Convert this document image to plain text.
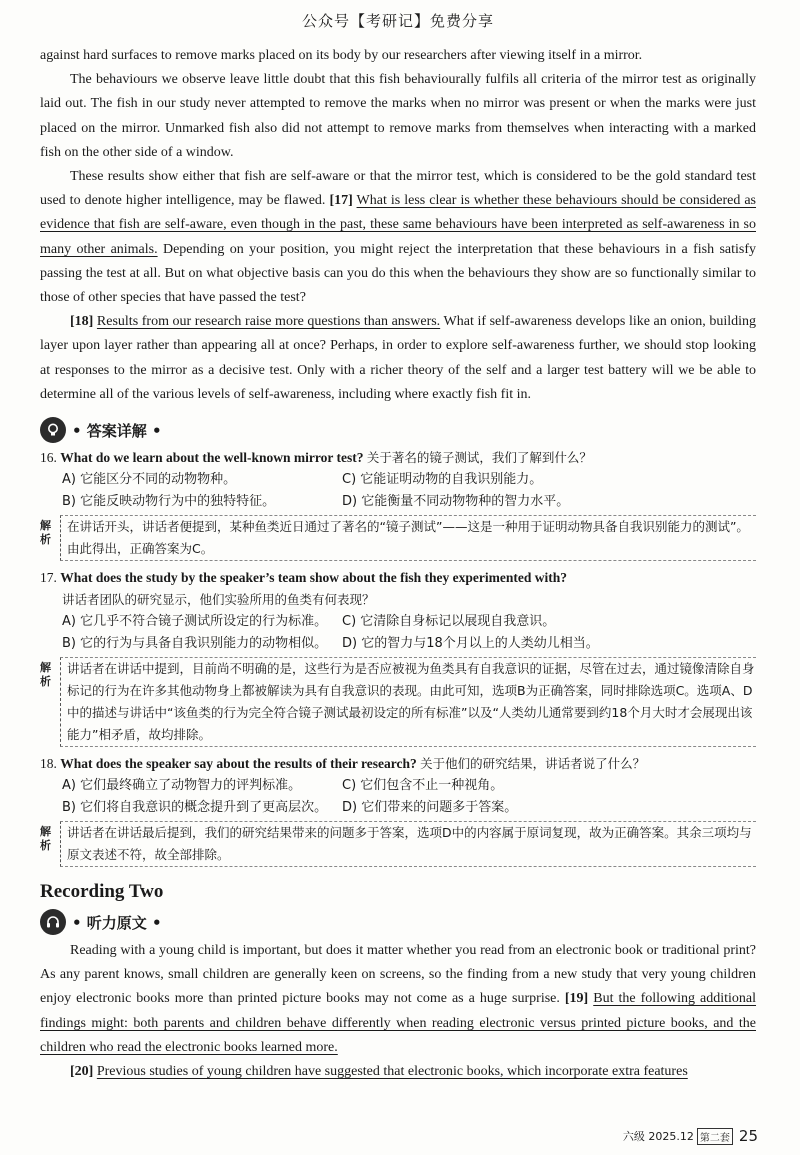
公众号【考研记】免费分享

against hard surfaces to remove marks placed on its body by our researchers after viewing itself in a mirror.

The behaviours we observe leave little doubt that this fish behaviourally fulfils all criteria of the mirror test as originally laid out. The fish in our study never attempted to remove the marks when no mirror was present or when the marks were just placed on the mirror. Unmarked fish also did not attempt to remove marks from themselves when interacting with a marked fish on the other side of a window.

These results show either that fish are self-aware or that the mirror test, which is considered to be the gold standard test used to denote higher intelligence, may be flawed. [17] What is less clear is whether these behaviours should be considered as evidence that fish are self-aware, even though in the past, these same behaviours have been interpreted as self-awareness in so many other animals. Depending on your position, you might reject the interpretation that these behaviours in a fish satisfy passing the test at all. But on what objective basis can you do this when the behaviours they show are so functionally similar to those of other species that have passed the test?

[18] Results from our research raise more questions than answers. What if self-awareness develops like an onion, building layer upon layer rather than appearing all at once? Perhaps, in order to explore self-awareness further, we should stop looking at responses to the mirror as a decisive test. Only with a richer theory of the self and a larger test battery will we be able to determine all of the various levels of self-awareness, including where exactly fish fit in.

• 答案详解 •
16. What do we learn about the well-known mirror test? 关于著名的镜子测试，我们了解到什么？
A) 它能区分不同的动物物种。	C) 它能证明动物的自我识别能力。
B) 它能反映动物行为中的独特特征。	D) 它能衡量不同动物物种的智力水平。
解析
在讲话开头，讲话者便提到，某种鱼类近日通过了著名的“镜子测试”——这是一种用于证明动物具备自我识别能力的测试”。由此得出，正确答案为C。
17. What does the study by the speaker’s team show about the fish they experimented with?
讲话者团队的研究显示，他们实验所用的鱼类有何表现？
A) 它几乎不符合镜子测试所设定的行为标准。	C) 它清除自身标记以展现自我意识。
B) 它的行为与具备自我识别能力的动物相似。	D) 它的智力与18个月以上的人类幼儿相当。
解析
讲话者在讲话中提到，目前尚不明确的是，这些行为是否应被视为鱼类具有自我意识的证据，尽管在过去，通过镜像清除自身标记的行为在许多其他动物身上都被解读为具有自我意识的表现。由此可知，选项B为正确答案，同时排除选项C。选项A、D中的描述与讲话中“该鱼类的行为完全符合镜子测试最初设定的所有标准”以及“人类幼儿通常要到约18个月大时才会展现出该能力”相矛盾，故均排除。
18. What does the speaker say about the results of their research? 关于他们的研究结果，讲话者说了什么？
A) 它们最终确立了动物智力的评判标准。	C) 它们包含不止一种视角。
B) 它们将自我意识的概念提升到了更高层次。	D) 它们带来的问题多于答案。
解析
讲话者在讲话最后提到，我们的研究结果带来的问题多于答案，选项D中的内容属于原词复现，故为正确答案。其余三项均与原文表述不符，故全部排除。
Recording Two
• 听力原文 •

Reading with a young child is important, but does it matter whether you read from an electronic book or traditional print? As any parent knows, small children are generally keen on screens, so the finding from a new study that very young children enjoy electronic books more than printed picture books may not come as a huge surprise. [19] But the following additional findings might: both parents and children behave differently when reading electronic versus printed picture books, and the children who read the electronic books learned more.

[20] Previous studies of young children have suggested that electronic books, which incorporate extra features

六级 2025.12 第二套 25
